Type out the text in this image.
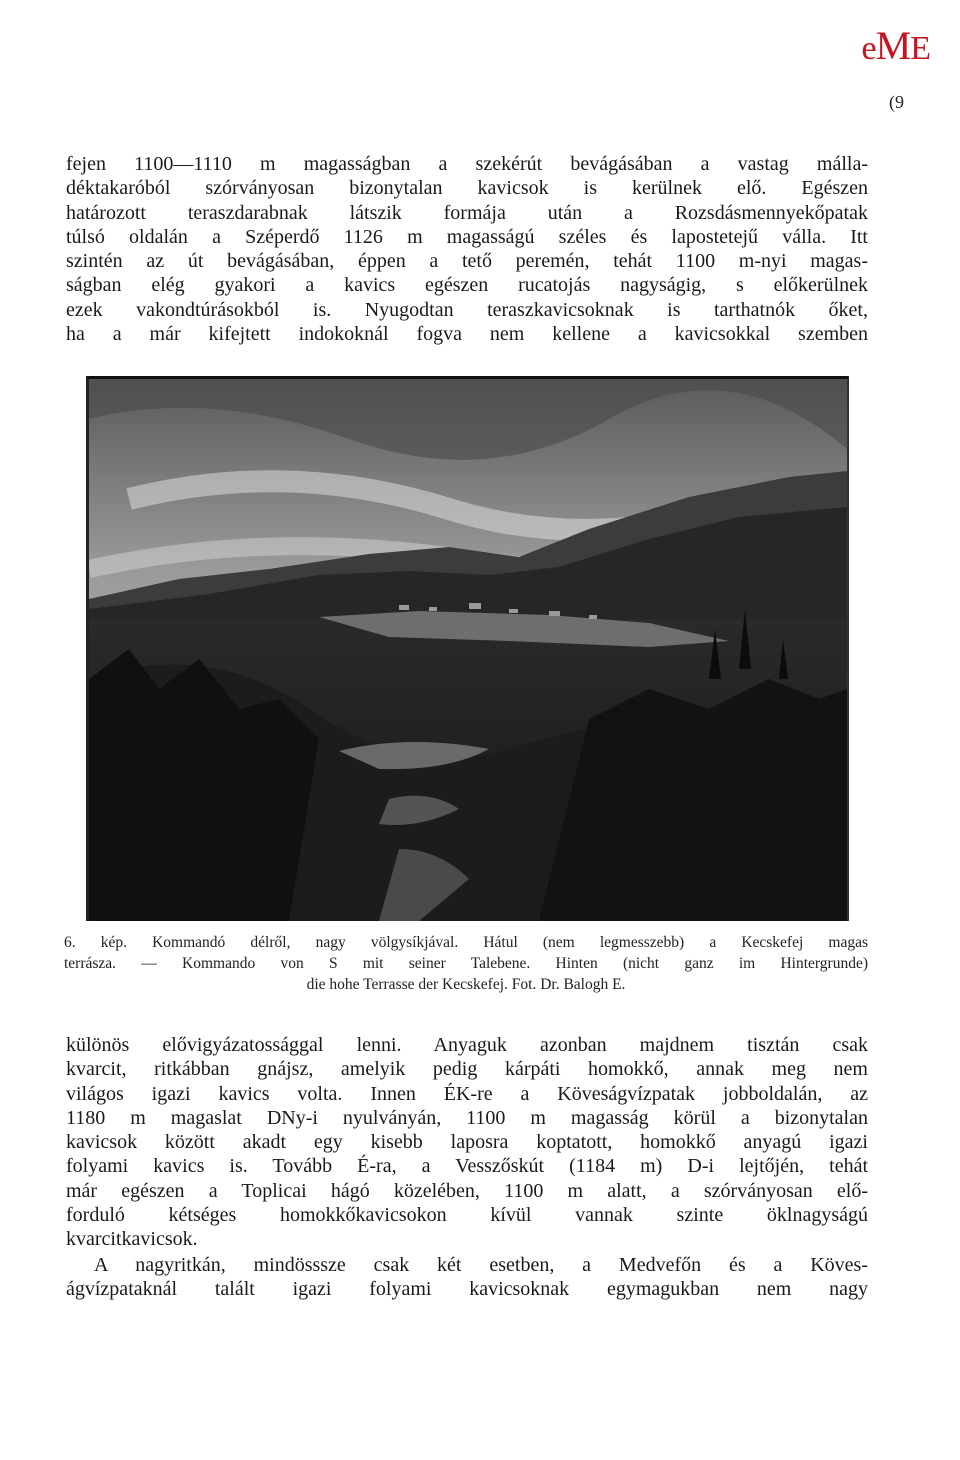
eME
(9
fejen 1100—1110 m magasságban a szekérút bevágásában a vastag málla-
déktakaróból szórványosan bizonytalan kavicsok is kerülnek elő. Egészen
határozott teraszdarabnak látszik formája után a Rozsdásmennyekőpatak
túlsó oldalán a Széperdő 1126 m magasságú széles és lapostetejű válla. Itt
szintén az út bevágásában, éppen a tető peremén, tehát 1100 m-nyi magas-
ságban elég gyakori a kavics egészen rucatojás nagyságig, s előkerülnek
ezek vakondtúrásokból is. Nyugodtan teraszkavicsoknak is tarthatnók őket,
ha a már kifejtett indokoknál fogva nem kellene a kavicsokkal szemben
6. kép. Kommandó délről, nagy völgysíkjával. Hátul (nem legmesszebb) a Kecskefej magas
terrásza. — Kommando von S mit seiner Talebene. Hinten (nicht ganz im Hintergrunde)
die hohe Terrasse der Kecskefej. Fot. Dr. Balogh E.
különös elővigyázatossággal lenni. Anyaguk azonban majdnem tisztán csak
kvarcit, ritkábban gnájsz, amelyik pedig kárpáti homokkő, annak meg nem
világos igazi kavics volta. Innen ÉK-re a Köveságvízpatak jobboldalán, az
1180 m magaslat DNy-i nyulványán, 1100 m magasság körül a bizonytalan
kavicsok között akadt egy kisebb laposra koptatott, homokkő anyagú igazi
folyami kavics is. Tovább É-ra, a Vesszőskút (1184 m) D-i lejtőjén, tehát
már egészen a Toplicai hágó közelében, 1100 m alatt, a szórványosan elő-
forduló kétséges homokkőkavicsokon kívül vannak szinte öklnagyságú
kvarcitkavicsok.
A nagyritkán, mindösssze csak két esetben, a Medvefőn és a Köves-
ágvízpataknál talált igazi folyami kavicsoknak egymagukban nem nagy
